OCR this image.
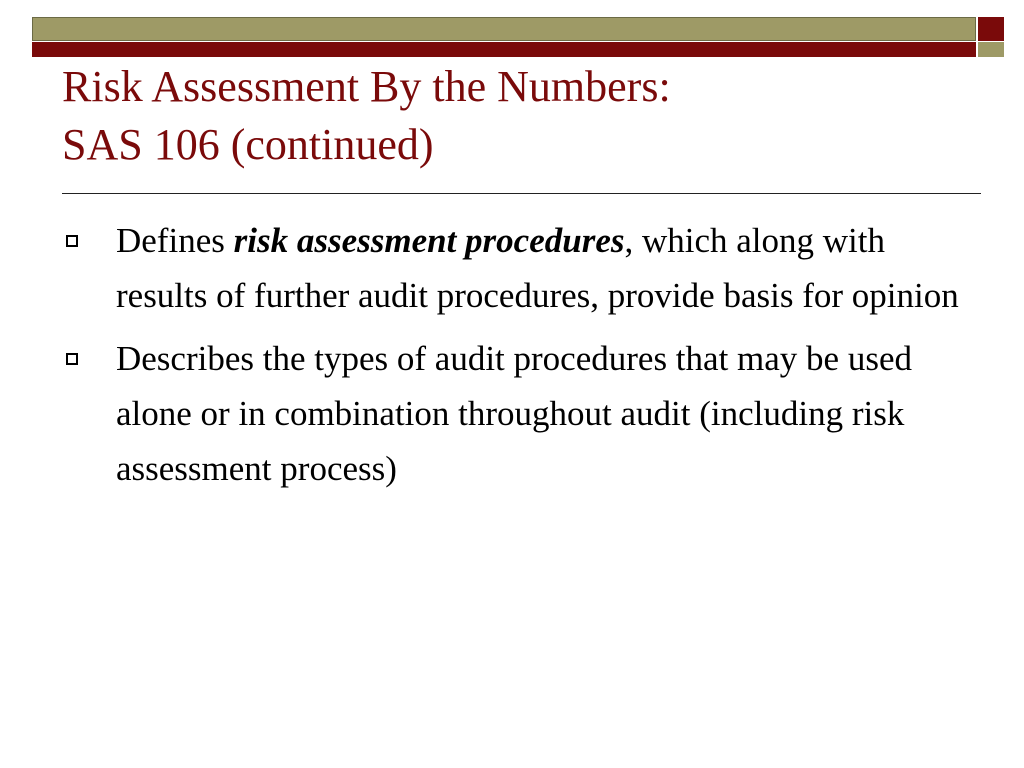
Risk Assessment By the Numbers:
SAS 106 (continued)
Defines risk assessment procedures, which along with results of further audit procedures, provide basis for opinion
Describes the types of audit procedures that may be used alone or in combination throughout audit (including risk assessment process)
